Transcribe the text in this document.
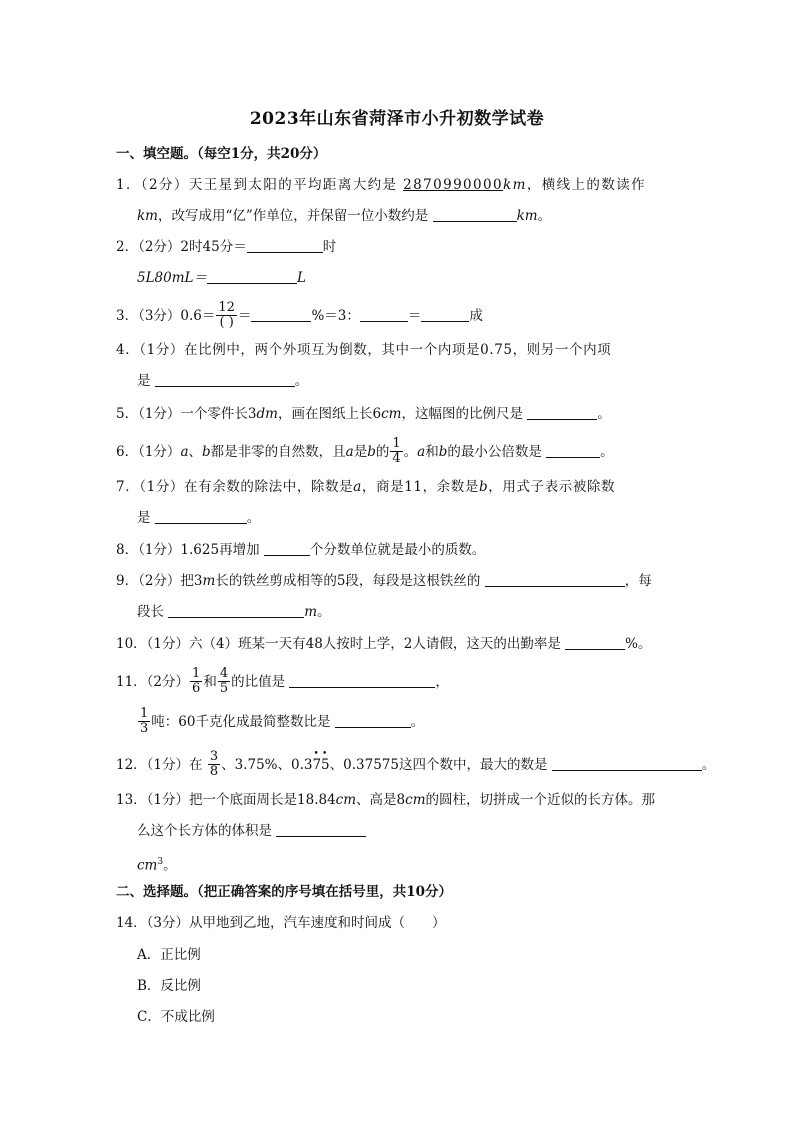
2023年山东省菏泽市小升初数学试卷
一、填空题。（每空1分，共20分）
1．（2分）天王星到太阳的平均距离大约是 2870990000km，横线上的数读作
km，改写成用“亿”作单位，并保留一位小数约是	km。
2．（2分）2时45分＝	时
5L80mL＝	L
3．（3分）$0.6= \frac{12}{( )}$ ＝	%＝3：	＝	成
4．（1分）在比例中，两个外项互为倒数，其中一个内项是0.75，则另一个内项
是	。
5．（1分）一个零件长3dm，画在图纸上长6cm，这幅图的比例尺是	。
6．（1分）a、b都是非零的自然数，且a是b的 $\frac{1}{4}$ 。a和b的最小公倍数是	。
7．（1分）在有余数的除法中，除数是a，商是11，余数是b，用式子表示被除数
是	。
8．（1分）1.625再增加	个分数单位就是最小的质数。
9．（2分）把3m长的铁丝剪成相等的5段，每段是这根铁丝的	，每
段长	m。
10．（1分）六（4）班某一天有48人按时上学，2人请假，这天的出勤率是	%。
11．（2分） $\frac{1}{6}$ 和 $\frac{4}{5}$ 的比值是	，
$\frac{1}{3}$ 吨：60千克化成最简整数比是	。
12．（1分）在 $\frac{3}{8}$ 、3.75%、0.3• 7• 5、0.37575这四个数中，最大的数是	。
13．（1分）把一个底面周长是18.84cm、高是8cm的圆柱，切拼成一个近似的长方体。那
么这个长方体的体积是
$cm^3$。
二、选择题。（把正确答案的序号填在括号里，共10分）
14．（3分）从甲地到乙地，汽车速度和时间成（　　）
A．正比例
B．反比例
C．不成比例
